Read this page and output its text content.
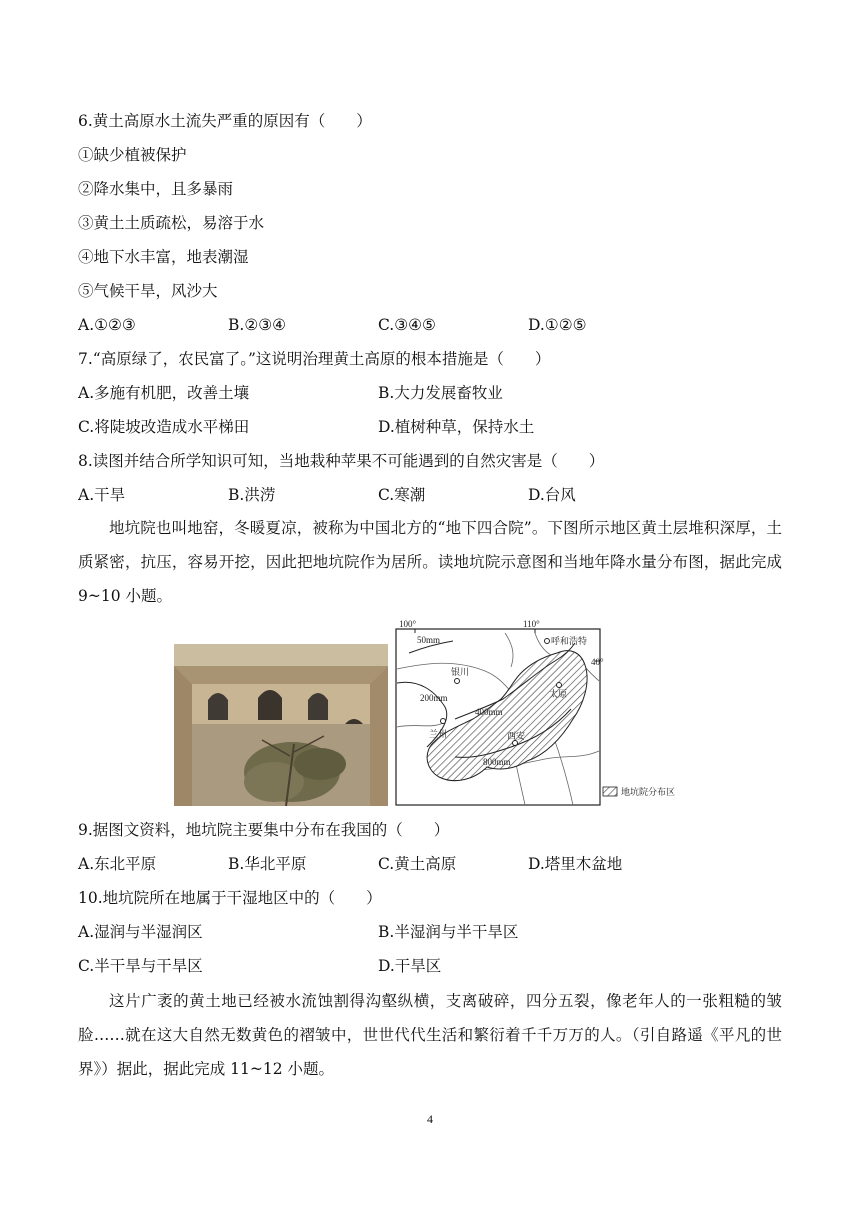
6.黄土高原水土流失严重的原因有（　　）
①缺少植被保护
②降水集中，且多暴雨
③黄土土质疏松，易溶于水
④地下水丰富，地表潮湿
⑤气候干旱，风沙大
A.①②③	B.②③④	C.③④⑤	D.①②⑤
7.“高原绿了，农民富了。”这说明治理黄土高原的根本措施是（　　）
A.多施有机肥，改善土壤	B.大力发展畜牧业
C.将陡坡改造成水平梯田	D.植树种草，保持水土
8.读图并结合所学知识可知，当地栽种苹果不可能遇到的自然灾害是（　　）
A.干旱	B.洪涝	C.寒潮	D.台风
地坑院也叫地窑，冬暖夏凉，被称为中国北方的“地下四合院”。下图所示地区黄土层堆积深厚，土质紧密，抗压，容易开挖，因此把地坑院作为居所。读地坑院示意图和当地年降水量分布图，据此完成 9~10 小题。
100°	110°
40°
50mm
200mm
400mm
800mm
呼和浩特
银川
太原
兰州	西安
地坑院分布区
9.据图文资料，地坑院主要集中分布在我国的（　　）
A.东北平原	B.华北平原	C.黄土高原	D.塔里木盆地
10.地坑院所在地属于干湿地区中的（　　）
A.湿润与半湿润区	B.半湿润与半干旱区
C.半干旱与干旱区	D.干旱区
这片广袤的黄土地已经被水流蚀割得沟壑纵横，支离破碎，四分五裂，像老年人的一张粗糙的皱脸……就在这大自然无数黄色的褶皱中，世世代代生活和繁衍着千千万万的人。（引自路遥《平凡的世界》）据此，据此完成 11~12 小题。
4
